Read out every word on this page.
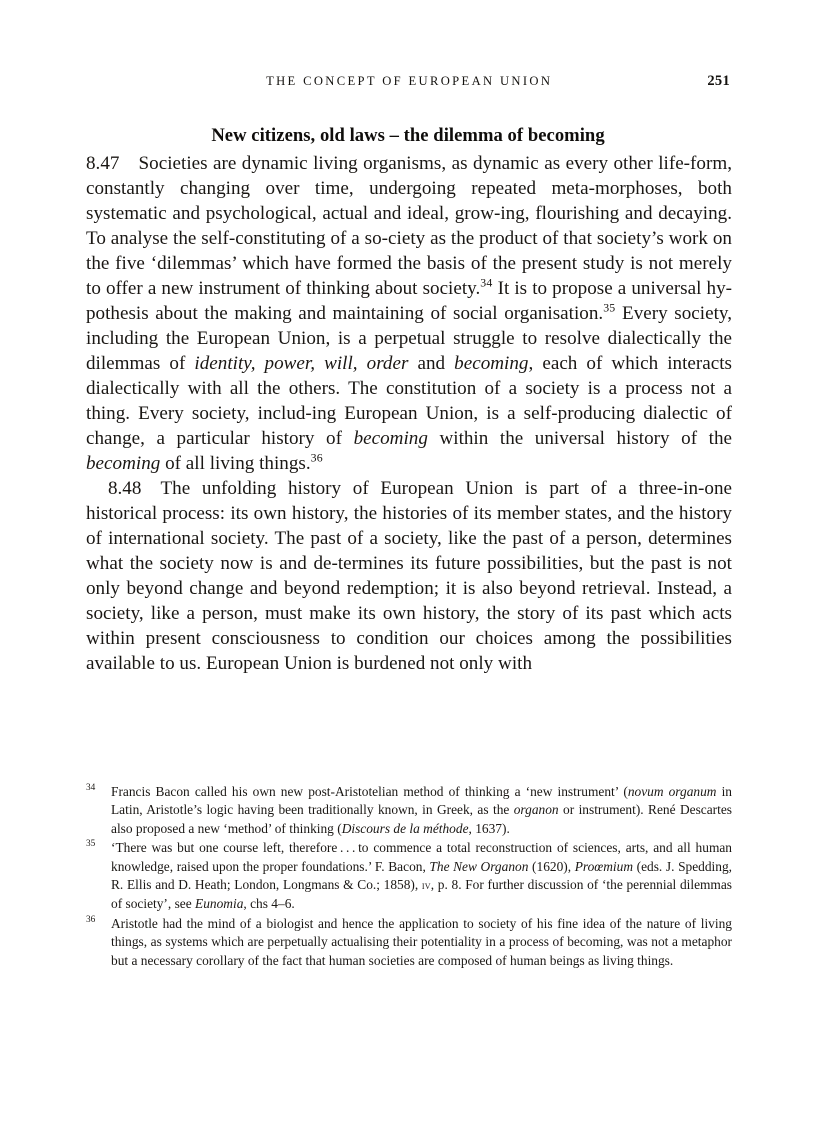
THE CONCEPT OF EUROPEAN UNION	251
New citizens, old laws – the dilemma of becoming

8.47 Societies are dynamic living organisms, as dynamic as every other life-form, constantly changing over time, undergoing repeated meta-morphoses, both systematic and psychological, actual and ideal, grow-ing, flourishing and decaying. To analyse the self-constituting of a so-ciety as the product of that society’s work on the five ‘dilemmas’ which have formed the basis of the present study is not merely to offer a new instrument of thinking about society.$^{34}$ It is to propose a universal hy-pothesis about the making and maintaining of social organisation.$^{35}$ Every society, including the European Union, is a perpetual struggle to resolve dialectically the dilemmas of identity, power, will, order and becoming, each of which interacts dialectically with all the others. The constitution of a society is a process not a thing. Every society, includ-ing European Union, is a self-producing dialectic of change, a particular history of becoming within the universal history of the becoming of all living things.$^{36}$

8.48 The unfolding history of European Union is part of a three-in-one historical process: its own history, the histories of its member states, and the history of international society. The past of a society, like the past of a person, determines what the society now is and de-termines its future possibilities, but the past is not only beyond change and beyond redemption; it is also beyond retrieval. Instead, a society, like a person, must make its own history, the story of its past which acts within present consciousness to condition our choices among the possibilities available to us. European Union is burdened not only with

34	Francis Bacon called his own new post-Aristotelian method of thinking a ‘new instrument’ (novum organum in Latin, Aristotle’s logic having been traditionally known, in Greek, as the organon or instrument). René Descartes also proposed a new ‘method’ of thinking (Discours de la méthode, 1637).
35	‘There was but one course left, therefore . . . to commence a total reconstruction of sciences, arts, and all human knowledge, raised upon the proper foundations.’ F. Bacon, The New Organon (1620), Proœmium (eds. J. Spedding, R. Ellis and D. Heath; London, Longmans & Co.; 1858), iv, p. 8. For further discussion of ‘the perennial dilemmas of society’, see Eunomia, chs 4–6.
36	Aristotle had the mind of a biologist and hence the application to society of his fine idea of the nature of living things, as systems which are perpetually actualising their potentiality in a process of becoming, was not a metaphor but a necessary corollary of the fact that human societies are composed of human beings as living things.
